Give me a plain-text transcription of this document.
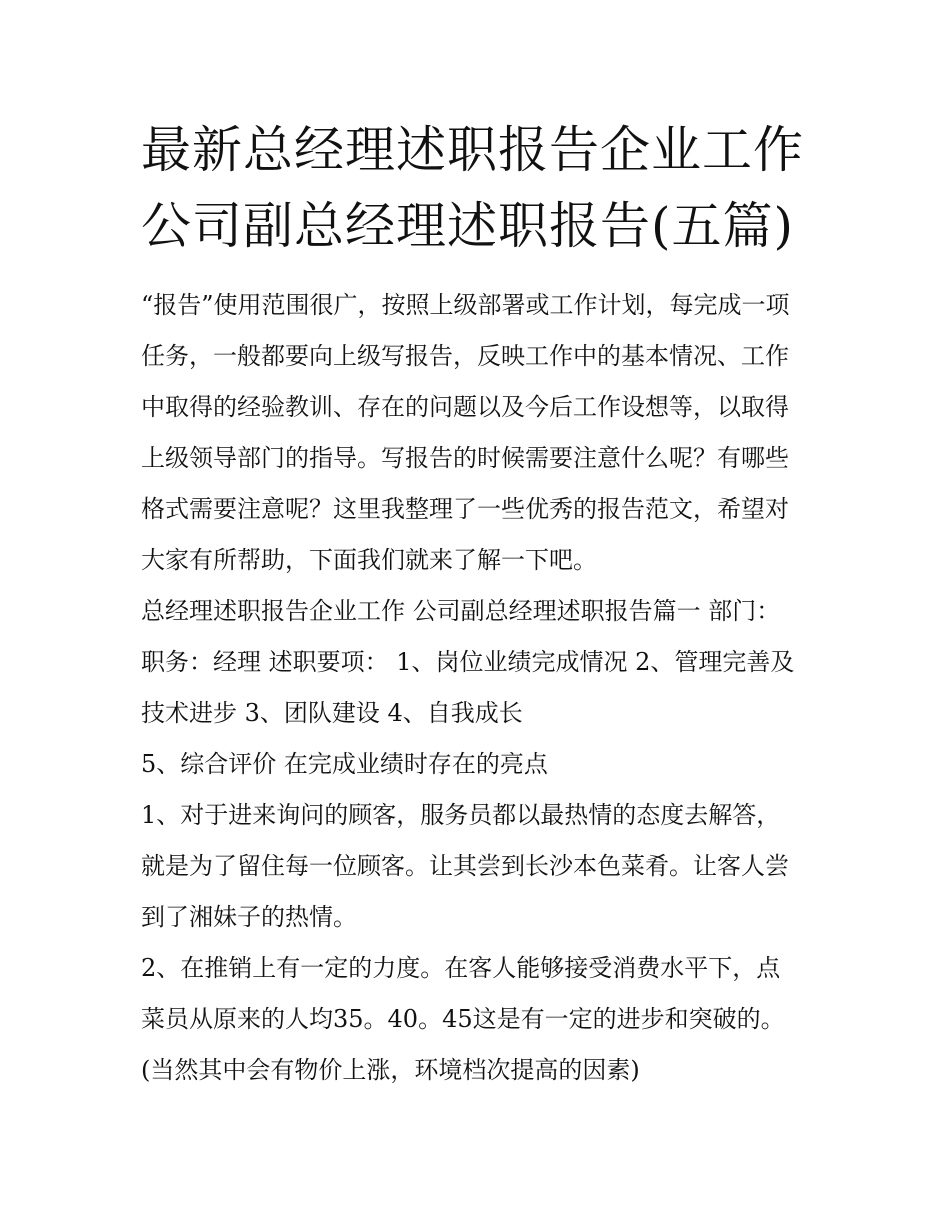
最新总经理述职报告企业工作
公司副总经理述职报告(五篇)

“报告”使用范围很广，按照上级部署或工作计划，每完成一项

任务，一般都要向上级写报告，反映工作中的基本情况、工作

中取得的经验教训、存在的问题以及今后工作设想等，以取得

上级领导部门的指导。写报告的时候需要注意什么呢？有哪些

格式需要注意呢？这里我整理了一些优秀的报告范文，希望对

大家有所帮助，下面我们就来了解一下吧。

总经理述职报告企业工作 公司副总经理述职报告篇一 部门：

职务：经理 述职要项： 1、岗位业绩完成情况 2、管理完善及

技术进步 3、团队建设 4、自我成长

5、综合评价 在完成业绩时存在的亮点

1、对于进来询问的顾客，服务员都以最热情的态度去解答，

就是为了留住每一位顾客。让其尝到长沙本色菜肴。让客人尝

到了湘妹子的热情。

2、在推销上有一定的力度。在客人能够接受消费水平下，点

菜员从原来的人均35。40。45这是有一定的进步和突破的。

(当然其中会有物价上涨，环境档次提高的因素)
